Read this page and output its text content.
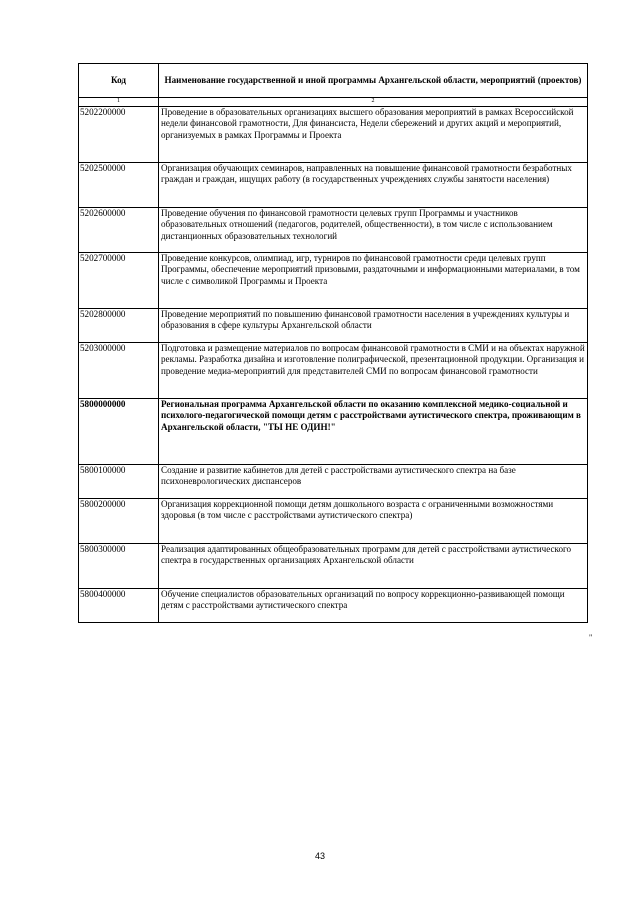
Код	Наименование государственной и иной программы Архангельской области, мероприятий (проектов)
1	2
5202200000	Проведение в образовательных организациях высшего образования мероприятий в рамках Всероссийской недели финансовой грамотности, Для финансиста, Недели сбережений и других акций и мероприятий, организуемых в рамках Программы и Проекта
5202500000	Организация обучающих семинаров, направленных на повышение финансовой грамотности безработных граждан и граждан, ищущих работу (в государственных учреждениях службы занятости населения)
5202600000	Проведение обучения по финансовой грамотности целевых групп Программы и участников образовательных отношений (педагогов, родителей, общественности), в том числе с использованием дистанционных образовательных технологий
5202700000	Проведение конкурсов, олимпиад, игр, турниров по финансовой грамотности среди целевых групп Программы, обеспечение мероприятий призовыми, раздаточными и информационными материалами, в том числе с символикой Программы и Проекта
5202800000	Проведение мероприятий по повышению финансовой грамотности населения в учреждениях культуры и образования в сфере культуры Архангельской области
5203000000	Подготовка и размещение материалов по вопросам финансовой грамотности в СМИ и на объектах наружной рекламы. Разработка дизайна и изготовление полиграфической, презентационной продукции. Организация и проведение медиа-мероприятий для представителей СМИ по вопросам финансовой грамотности
5800000000	Региональная программа Архангельской области по оказанию комплексной медико-социальной и психолого-педагогической помощи детям с расстройствами аутистического спектра, проживающим в Архангельской области, "ТЫ НЕ ОДИН!"
5800100000	Создание и развитие кабинетов для детей с расстройствами аутистического спектра на базе психоневрологических диспансеров
5800200000	Организация коррекционной помощи детям дошкольного возраста с ограниченными возможностями здоровья (в том числе с расстройствами аутистического спектра)
5800300000	Реализация адаптированных общеобразовательных программ для детей с расстройствами аутистического спектра в государственных организациях Архангельской области
5800400000	Обучение специалистов образовательных организаций по вопросу коррекционно-развивающей помощи детям с расстройствами аутистического спектра
"
43
